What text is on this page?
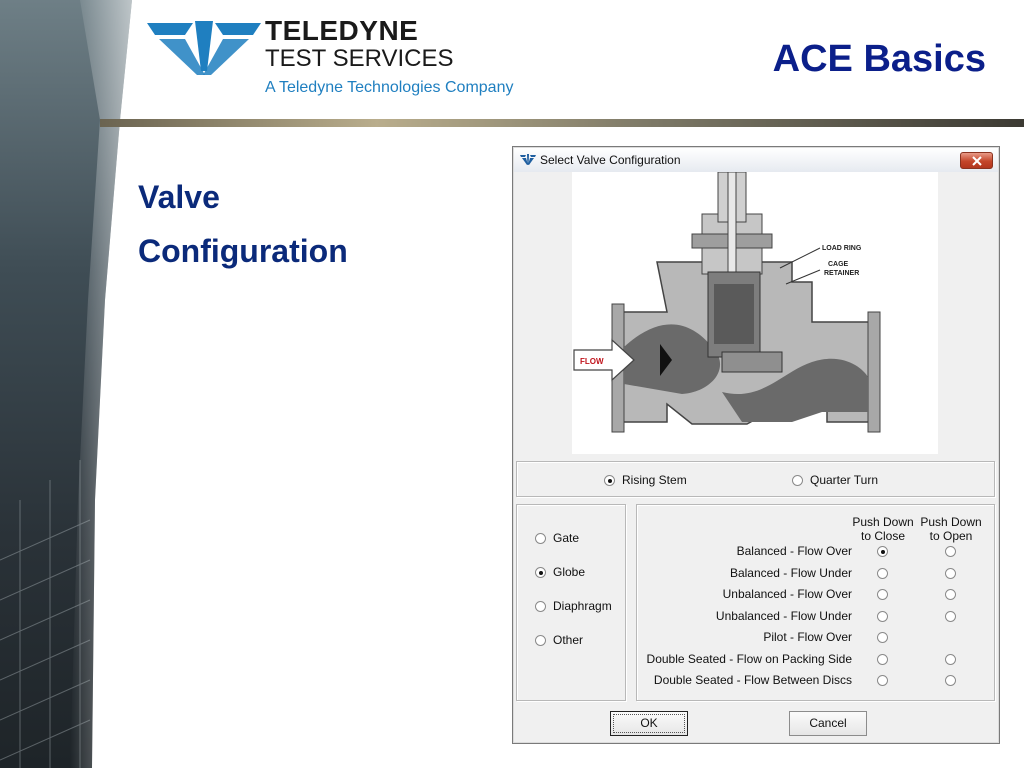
TELEDYNE
TEST SERVICES
A Teledyne Technologies Company
ACE Basics
Valve
Configuration
Select Valve Configuration
FLOW
LOAD RING
CAGE
RETAINER
Rising Stem	Quarter Turn
Gate
Globe
Diaphragm
Other
Push Down
to Close
Push Down
to Open
Balanced - Flow Over
Balanced - Flow Under
Unbalanced - Flow Over
Unbalanced - Flow Under
Pilot - Flow Over
Double Seated - Flow on Packing Side
Double Seated - Flow Between Discs
OK	Cancel
